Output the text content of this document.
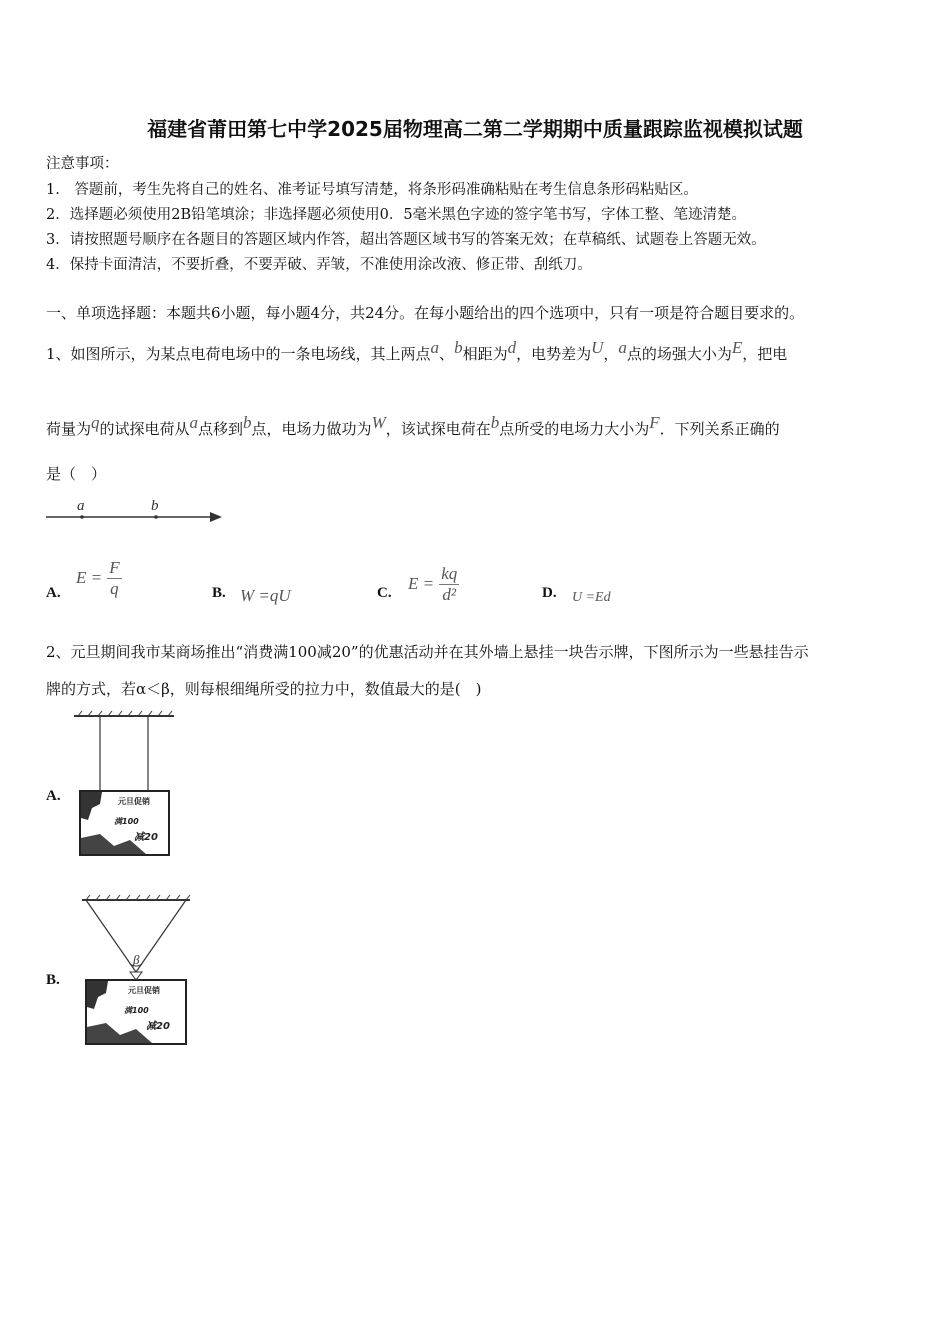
福建省莆田第七中学2025届物理高二第二学期期中质量跟踪监视模拟试题
注意事项：
1.　答题前，考生先将自己的姓名、准考证号填写清楚，将条形码准确粘贴在考生信息条形码粘贴区。
2．选择题必须使用2B铅笔填涂；非选择题必须使用0．5毫米黑色字迹的签字笔书写，字体工整、笔迹清楚。
3．请按照题号顺序在各题目的答题区域内作答，超出答题区域书写的答案无效；在草稿纸、试题卷上答题无效。
4．保持卡面清洁，不要折叠，不要弄破、弄皱，不准使用涂改液、修正带、刮纸刀。
一、单项选择题：本题共6小题，每小题4分，共24分。在每小题给出的四个选项中，只有一项是符合题目要求的。
1、如图所示，为某点电荷电场中的一条电场线，其上两点$^a$、$^b$相距为$^d$，电势差为$^U$，$^a$点的场强大小为$^E$，把电
荷量为$^q$的试探电荷从$^a$点移到$^b$点，电场力做功为$^W$，该试探电荷在$^b$点所受的电场力大小为$^F$．下列关系正确的
是（　）
a	b
A.
$E = \frac{F}{q}$	B. W =qU	C. $E = \frac{kq}{\text{d²}}$	D. U =Ed
2、元旦期间我市某商场推出“消费满100减20”的优惠活动并在其外墙上悬挂一块告示牌，下图所示为一些悬挂告示
牌的方式，若α＜β，则每根细绳所受的拉力中，数值最大的是(　)
A.	元旦促销
满100
减20
B.
β
元旦促销
满100
减20
